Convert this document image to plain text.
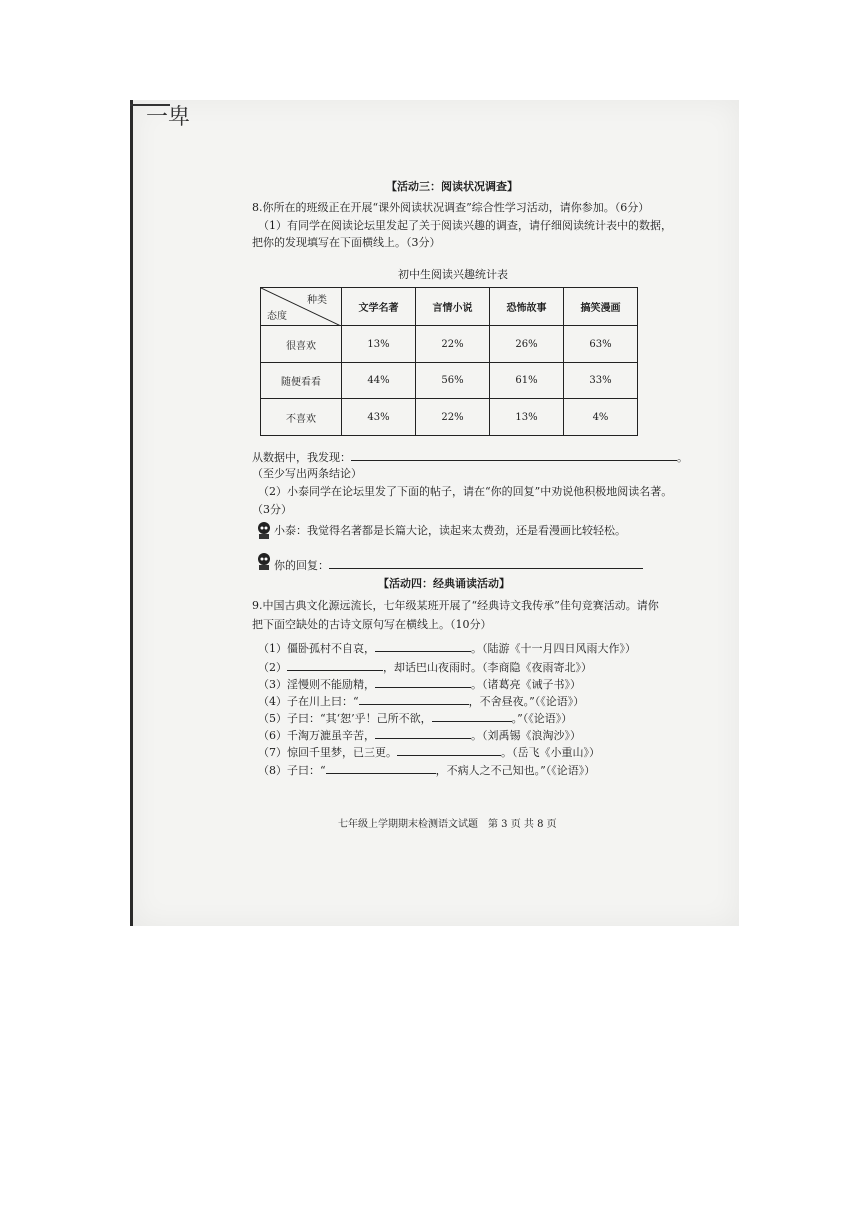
一卑
【活动三：阅读状况调查】
8.你所在的班级正在开展“课外阅读状况调查”综合性学习活动，请你参加。（6分）
（1）有同学在阅读论坛里发起了关于阅读兴趣的调查，请仔细阅读统计表中的数据，
把你的发现填写在下面横线上。（3分）
初中生阅读兴趣统计表
种类
态度	文学名著	言情小说	恐怖故事	搞笑漫画
很喜欢	13%	22%	26%	63%
随便看看	44%	56%	61%	33%
不喜欢	43%	22%	13%	4%
从数据中，我发现：	。
（至少写出两条结论）
（2）小泰同学在论坛里发了下面的帖子，请在“你的回复”中劝说他积极地阅读名著。
（3分）
小泰：我觉得名著都是长篇大论，读起来太费劲，还是看漫画比较轻松。
你的回复：
【活动四：经典诵读活动】
9.中国古典文化源远流长，七年级某班开展了“经典诗文我传承”佳句竞赛活动。请你
把下面空缺处的古诗文原句写在横线上。（10分）
（1）僵卧孤村不自哀，	。（陆游《十一月四日风雨大作》）
（2）	，却话巴山夜雨时。（李商隐《夜雨寄北》）
（3）淫慢则不能励精，	。（诸葛亮《诫子书》）
（4）子在川上曰：“	，不舍昼夜。”（《论语》）
（5）子曰：“其‘恕’乎！己所不欲，	。”（《论语》）
（6）千淘万漉虽辛苦，	。（刘禹锡《浪淘沙》）
（7）惊回千里梦，已三更。	。（岳飞《小重山》）
（8）子曰：“	，不病人之不己知也。”（《论语》）
七年级上学期期末检测语文试题　第 3 页 共 8 页
